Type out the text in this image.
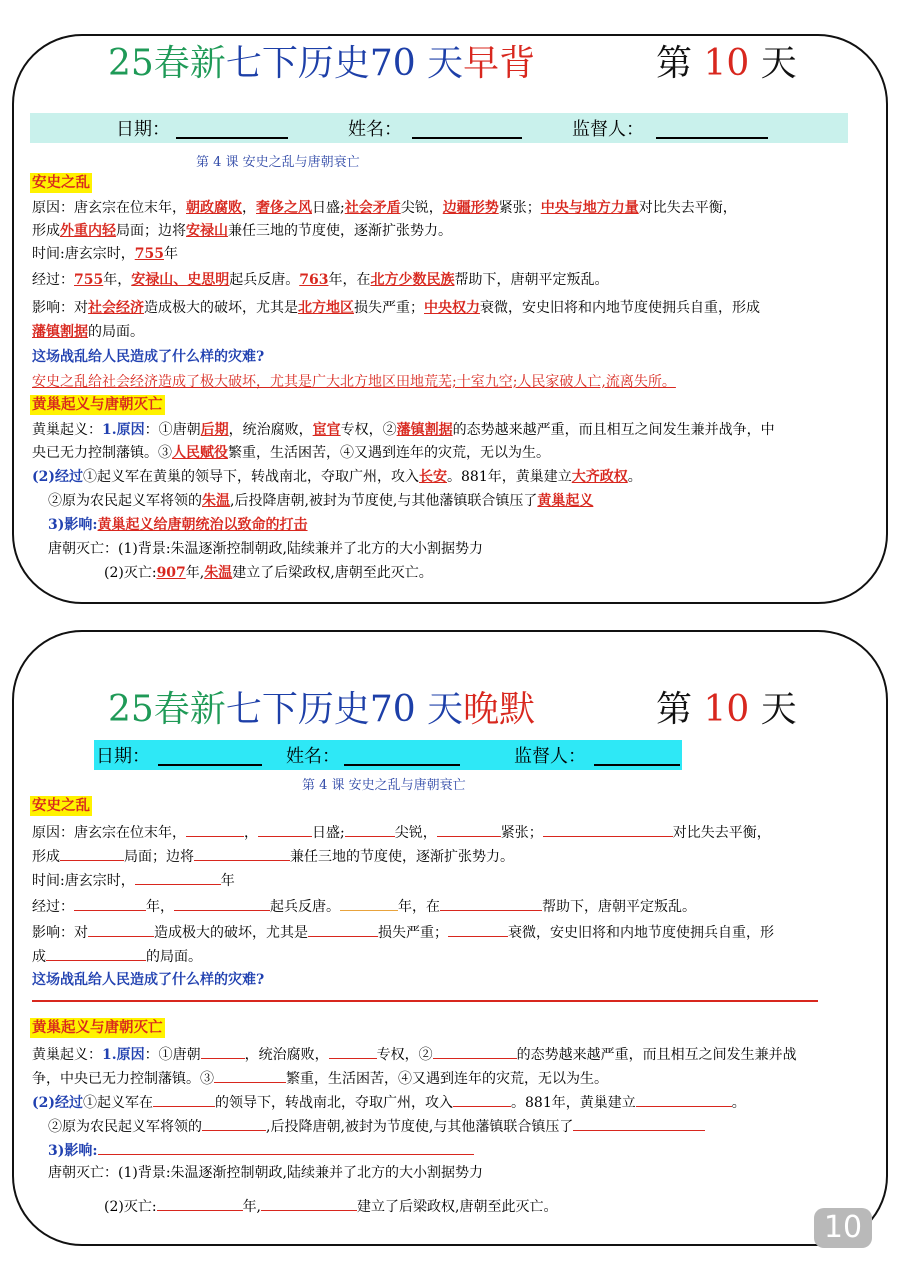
25春新七下历史70 天早背	第 10 天
日期：	姓名：	监督人：
第 4 课 安史之乱与唐朝衰亡
安史之乱
原因：唐玄宗在位末年，朝政腐败，奢侈之风日盛;社会矛盾尖锐，边疆形势紧张；中央与地方力量对比失去平衡，
形成外重内轻局面；边将安禄山兼任三地的节度使，逐渐扩张势力。
时间:唐玄宗时，755年
经过：755年，安禄山、史思明起兵反唐。763年，在北方少数民族帮助下，唐朝平定叛乱。
影响：对社会经济造成极大的破坏，尤其是北方地区损失严重；中央权力衰微，安史旧将和内地节度使拥兵自重，形成
藩镇割据的局面。
这场战乱给人民造成了什么样的灾难?
安史之乱给社会经济造成了极大破坏，尤其是广大北方地区田地荒芜;十室九空;人民家破人亡,流离失所。
黄巢起义与唐朝灭亡
黄巢起义：1.原因：①唐朝后期，统治腐败，宦官专权，②藩镇割据的态势越来越严重，而且相互之间发生兼并战争，中
央已无力控制藩镇。③人民赋役繁重，生活困苦，④又遇到连年的灾荒，无以为生。
(2)经过①起义军在黄巢的领导下，转战南北，夺取广州，攻入长安。881年，黄巢建立大齐政权。
②原为农民起义军将领的朱温,后投降唐朝,被封为节度使,与其他藩镇联合镇压了黄巢起义
3)影响:黄巢起义给唐朝统治以致命的打击
唐朝灭亡：(1)背景:朱温逐渐控制朝政,陆续兼并了北方的大小割据势力
(2)灭亡:907年,朱温建立了后梁政权,唐朝至此灭亡。
25春新七下历史70 天晚默	第 10 天
日期：	姓名：	监督人：
第 4 课 安史之乱与唐朝衰亡
安史之乱
原因：唐玄宗在位末年，	，	日盛;	尖锐，	紧张；	对比失去平衡，
形成	局面；边将	兼任三地的节度使，逐渐扩张势力。
时间:唐玄宗时，	年
经过：	年，	起兵反唐。	年，在	帮助下，唐朝平定叛乱。
影响：对	造成极大的破坏，尤其是	损失严重；	衰微，安史旧将和内地节度使拥兵自重，形
成	的局面。
这场战乱给人民造成了什么样的灾难?
黄巢起义与唐朝灭亡
黄巢起义：1.原因：①唐朝	，统治腐败，	专权，②	的态势越来越严重，而且相互之间发生兼并战
争，中央已无力控制藩镇。③	繁重，生活困苦，④又遇到连年的灾荒，无以为生。
(2)经过①起义军在	的领导下，转战南北，夺取广州，攻入	。881年，黄巢建立	。
②原为农民起义军将领的	,后投降唐朝,被封为节度使,与其他藩镇联合镇压了
3)影响:
唐朝灭亡：(1)背景:朱温逐渐控制朝政,陆续兼并了北方的大小割据势力
(2)灭亡:	年,	建立了后梁政权,唐朝至此灭亡。
10
